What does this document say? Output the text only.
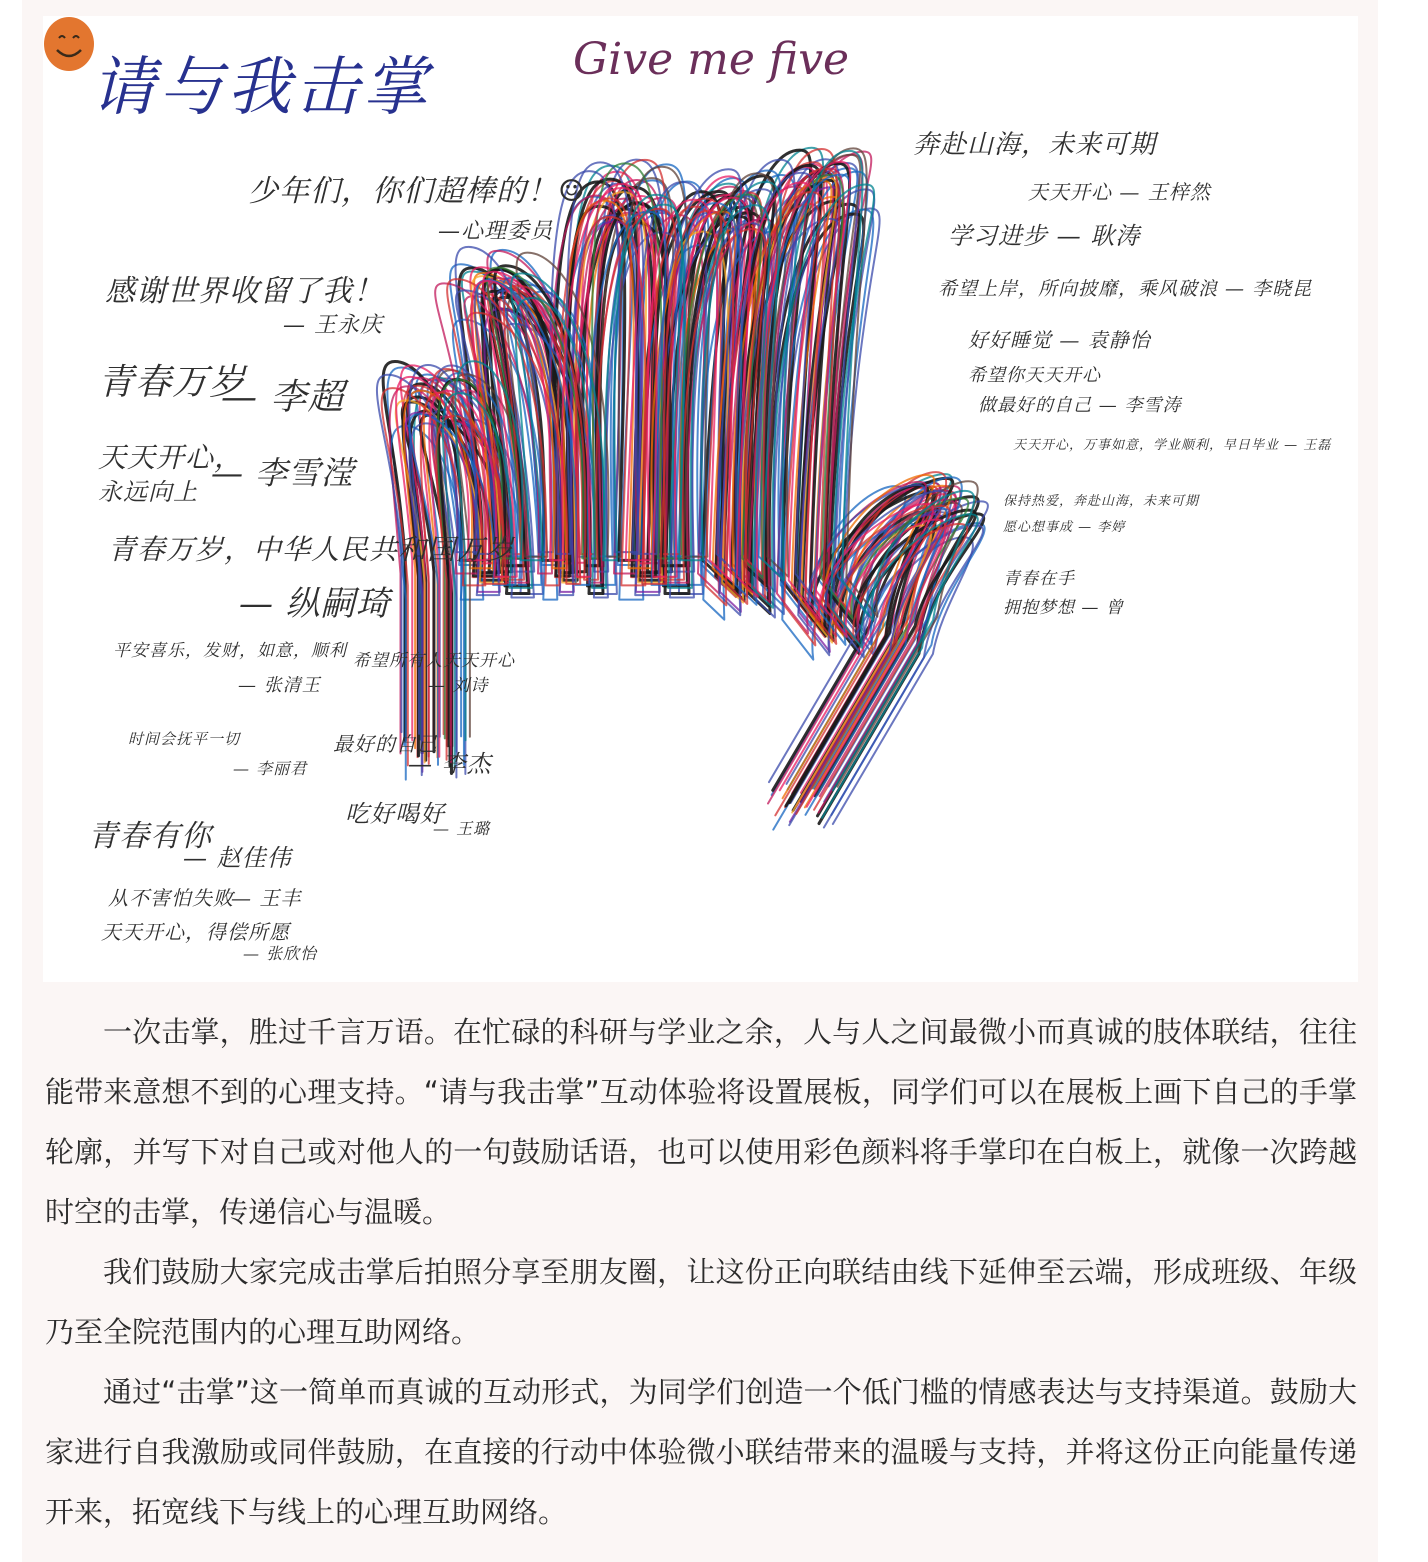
请与我击掌	Give me five
少年们，你们超棒的！☺
—心理委员
感谢世界收留了我！
— 王永庆
青春万岁
— 李超
天天开心，
永远向上 — 李雪滢
青春万岁，中华人民共和国万岁
— 纵嗣琦
平安喜乐，发财，如意，顺利
— 张清王
希望所有人天天开心
— 刘诗
时间会抚平一切
— 李丽君
最好的自己
— 李杰
青春有你
— 赵佳伟
从不害怕失败
— 王丰
天天开心，得偿所愿
— 张欣怡
吃好喝好
— 王璐
奔赴山海，未来可期
天天开心 — 王梓然
学习进步 — 耿涛
希望上岸，所向披靡，乘风破浪 — 李晓昆
好好睡觉 — 袁静怡
希望你天天开心
做最好的自己 — 李雪涛
天天开心，万事如意，学业顺利，早日毕业 — 王磊
保持热爱，奔赴山海，未来可期
愿心想事成 — 李婷
青春在手
拥抱梦想 — 曾

一次击掌，胜过千言万语。在忙碌的科研与学业之余，人与人之间最微小而真诚的肢体联结，往往能带来意想不到的心理支持。“请与我击掌”互动体验将设置展板，同学们可以在展板上画下自己的手掌轮廓，并写下对自己或对他人的一句鼓励话语，也可以使用彩色颜料将手掌印在白板上，就像一次跨越时空的击掌，传递信心与温暖。

我们鼓励大家完成击掌后拍照分享至朋友圈，让这份正向联结由线下延伸至云端，形成班级、年级乃至全院范围内的心理互助网络。

通过“击掌”这一简单而真诚的互动形式，为同学们创造一个低门槛的情感表达与支持渠道。鼓励大家进行自我激励或同伴鼓励，在直接的行动中体验微小联结带来的温暖与支持，并将这份正向能量传递开来，拓宽线下与线上的心理互助网络。
